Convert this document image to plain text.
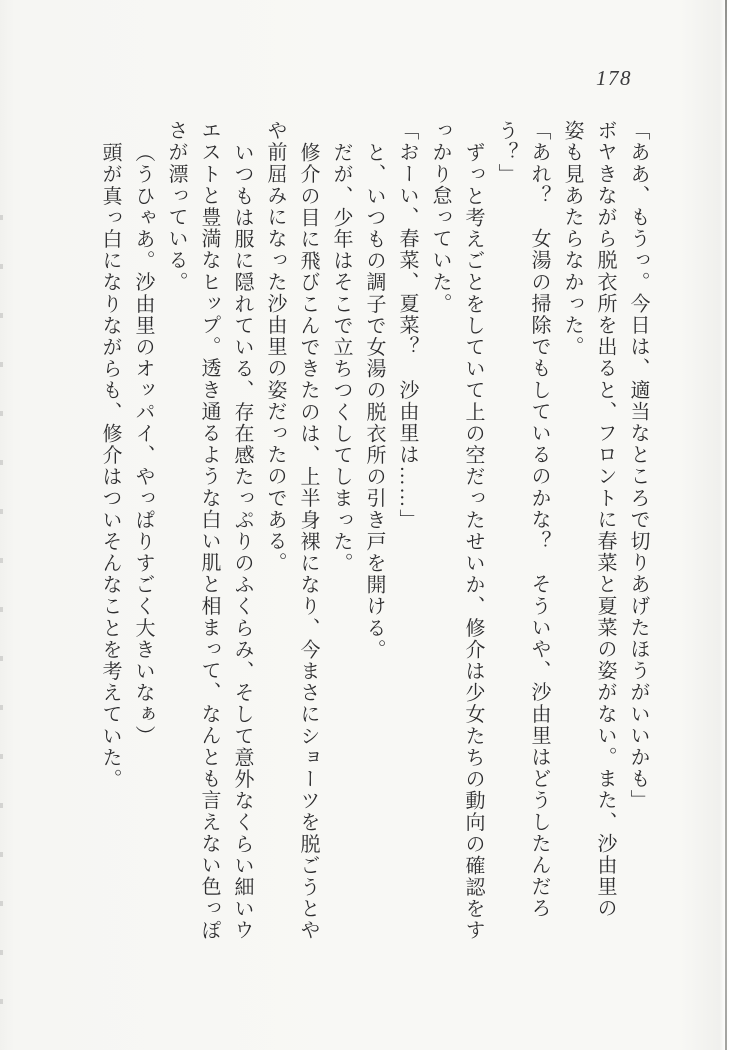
178

「ああ、もうっ。今日は、適当なところで切りあげたほうがいいかも」

ボヤきながら脱衣所を出ると、フロントに春菜と夏菜の姿がない。また、沙由里の

姿も見あたらなかった。

「あれ？　女湯の掃除でもしているのかな？　そういや、沙由里はどうしたんだろ

う？」

ずっと考えごとをしていて上の空だったせいか、修介は少女たちの動向の確認をす

っかり怠っていた。

「おーい、春菜、夏菜？　沙由里は……」

と、いつもの調子で女湯の脱衣所の引き戸を開ける。

だが、少年はそこで立ちつくしてしまった。

修介の目に飛びこんできたのは、上半身裸になり、今まさにショーツを脱ごうとや

や前屈みになった沙由里の姿だったのである。

いつもは服に隠れている、存在感たっぷりのふくらみ、そして意外なくらい細いウ

エストと豊満なヒップ。透き通るような白い肌と相まって、なんとも言えない色っぽ

さが漂っている。

（うひゃあ。沙由里のオッパイ、やっぱりすごく大きいなぁ）

頭が真っ白になりながらも、修介はついそんなことを考えていた。
